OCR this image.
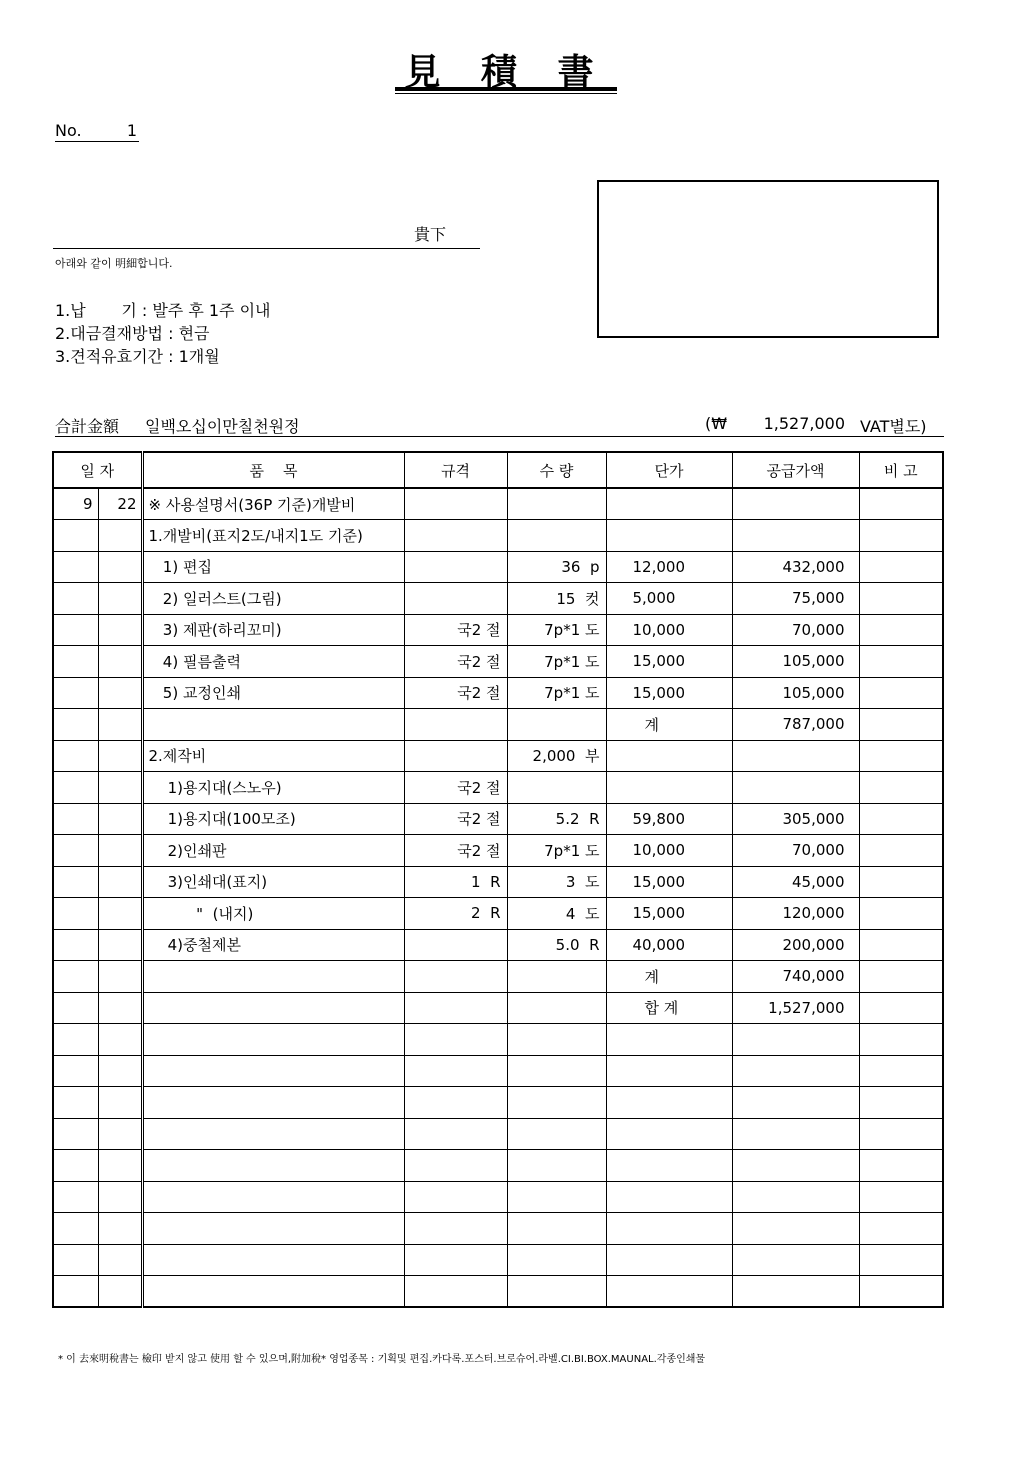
見 積 書
No.	1
貴下
아래와 같이 明細합니다.
1.납       기 : 발주 후 1주 이내
2.대금결재방법 : 현금
3.견적유효기간 : 1개월
合計金額 일백오십이만칠천원정	(₩	1,527,000 VAT별도)
일 자		품    목	규격	수 량	단가	공급가액	비 고
9	22	※ 사용설명서(36P 기준)개발비					
		1.개발비(표지2도/내지1도 기준)					
		1) 편집		36  p	12,000	432,000	
		2) 일러스트(그림)		15  컷	5,000	75,000	
		3) 제판(하리꼬미)	국2 절	7p*1 도	10,000	70,000	
		4) 필름출력	국2 절	7p*1 도	15,000	105,000	
		5) 교정인쇄	국2 절	7p*1 도	15,000	105,000	
					계	787,000	
		2.제작비		2,000  부			
		1)용지대(스노우)	국2 절				
		1)용지대(100모조)	국2 절	5.2  R	59,800	305,000	
		2)인쇄판	국2 절	7p*1 도	10,000	70,000	
		3)인쇄대(표지)	1  R	3  도	15,000	45,000	
		"  (내지)	2  R	4  도	15,000	120,000	
		4)중철제본		5.0  R	40,000	200,000	
					계	740,000	
					합 계	1,527,000	

* 이 去來明稅書는 檢印 받지 않고 使用 할 수 있으며,附加稅* 영업종목 : 기획및 편집.카다록.포스터.브로슈어.라벨.CI.BI.BOX.MAUNAL.각종인쇄물
